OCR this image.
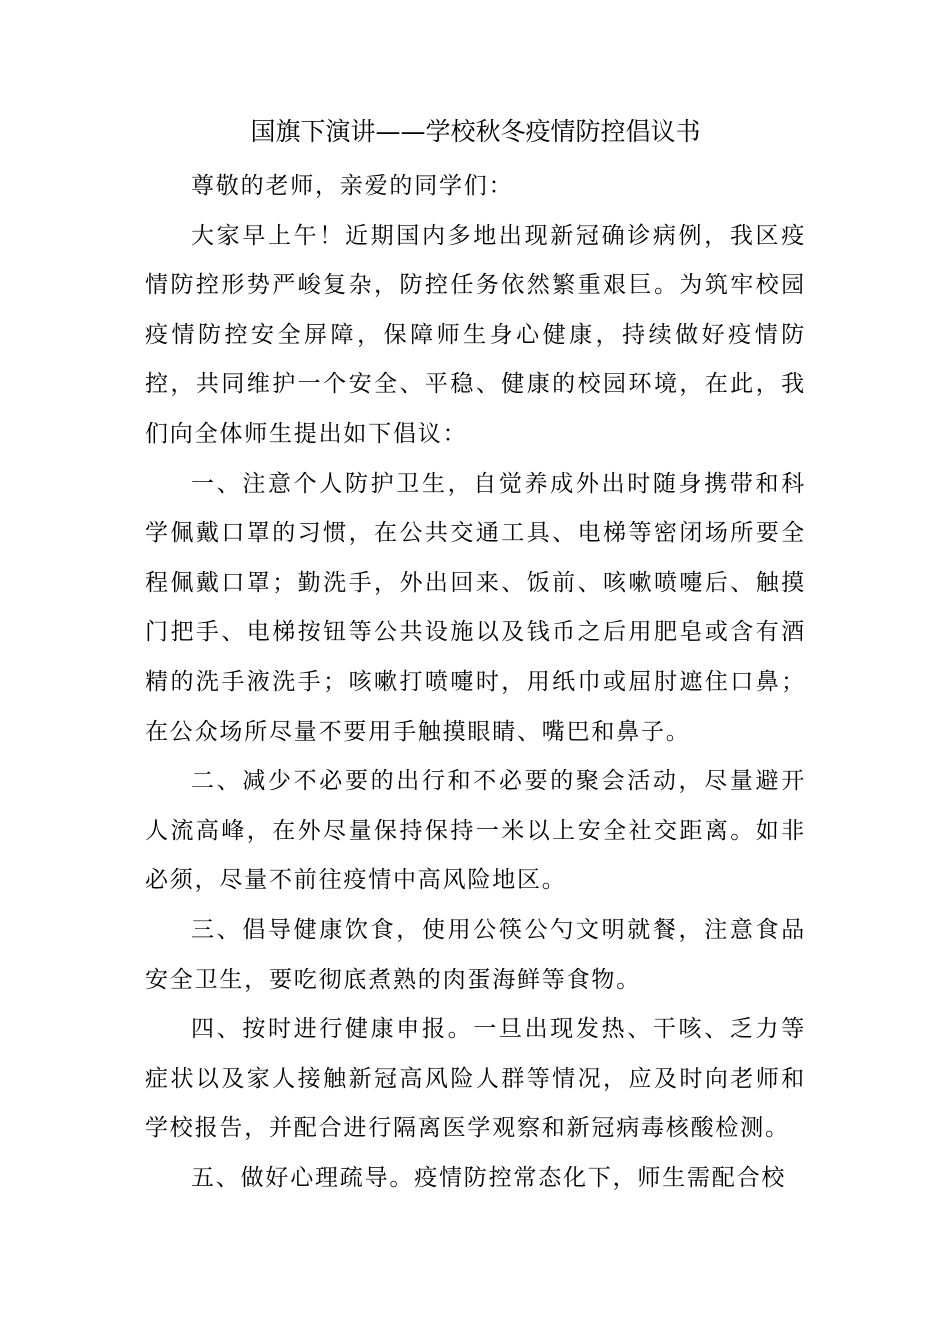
国旗下演讲——学校秋冬疫情防控倡议书

尊敬的老师，亲爱的同学们：

大家早上午！近期国内多地出现新冠确诊病例，我区疫情防控形势严峻复杂，防控任务依然繁重艰巨。为筑牢校园疫情防控安全屏障，保障师生身心健康，持续做好疫情防控，共同维护一个安全、平稳、健康的校园环境，在此，我们向全体师生提出如下倡议：

一、注意个人防护卫生，自觉养成外出时随身携带和科学佩戴口罩的习惯，在公共交通工具、电梯等密闭场所要全程佩戴口罩；勤洗手，外出回来、饭前、咳嗽喷嚏后、触摸门把手、电梯按钮等公共设施以及钱币之后用肥皂或含有酒精的洗手液洗手；咳嗽打喷嚏时，用纸巾或屈肘遮住口鼻；在公众场所尽量不要用手触摸眼睛、嘴巴和鼻子。

二、减少不必要的出行和不必要的聚会活动，尽量避开人流高峰，在外尽量保持保持一米以上安全社交距离。如非必须，尽量不前往疫情中高风险地区。

三、倡导健康饮食，使用公筷公勺文明就餐，注意食品安全卫生，要吃彻底煮熟的肉蛋海鲜等食物。

四、按时进行健康申报。一旦出现发热、干咳、乏力等症状以及家人接触新冠高风险人群等情况，应及时向老师和学校报告，并配合进行隔离医学观察和新冠病毒核酸检测。

五、做好心理疏导。疫情防控常态化下，师生需配合校
